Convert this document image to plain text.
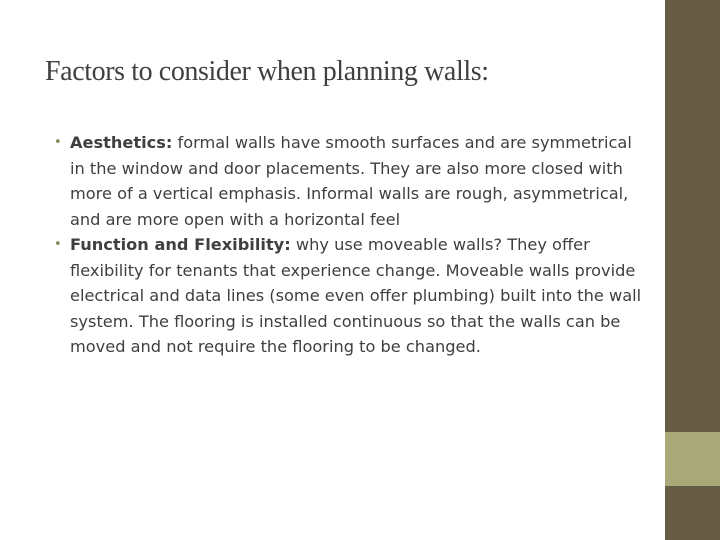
Factors to consider when planning walls:
• Aesthetics: formal walls have smooth surfaces and are symmetrical in the window and door placements. They are also more closed with more of a vertical emphasis. Informal walls are rough, asymmetrical, and are more open with a horizontal feel
• Function and Flexibility: why use moveable walls? They offer flexibility for tenants that experience change. Moveable walls provide electrical and data lines (some even offer plumbing) built into the wall system. The flooring is installed continuous so that the walls can be moved and not require the flooring to be changed.
